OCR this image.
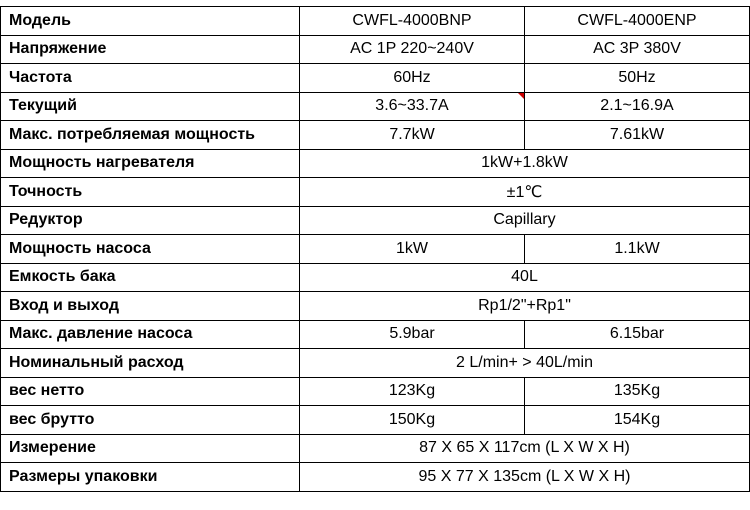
Модель	CWFL-4000BNP	CWFL-4000ENP
Напряжение	AC 1P 220~240V	AC 3P 380V
Частота	60Hz	50Hz
Текущий	3.6~33.7A	2.1~16.9A
Макс. потребляемая мощность	7.7kW	7.61kW
Мощность нагревателя	1kW+1.8kW	
Точность	±1℃	
Редуктор	Capillary	
Мощность насоса	1kW	1.1kW
Емкость бака	40L	
Вход и выход	Rp1/2"+Rp1"	
Макс. давление насоса	5.9bar	6.15bar
Номинальный расход	2 L/min+ > 40L/min	
вес нетто	123Kg	135Kg
вес брутто	150Kg	154Kg
Измерение	87 X 65 X 117cm (L X W X H)	
Размеры упаковки	95 X 77 X 135cm (L X W X H)	
